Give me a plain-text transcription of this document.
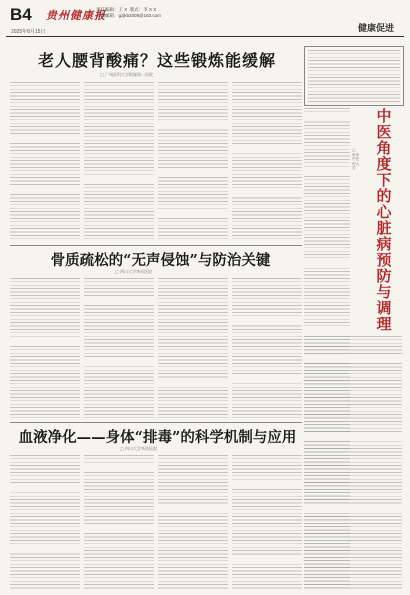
B4
2025年8月15日
贵州健康报
责任编辑：王 X  版式：李 X X
美编邮箱：gzjkb2008@163.com
健康促进
老人腰背酸痛？这些锻炼能缓解
□ 广州医科大学附属第一医院
骨质疏松的“无声侵蚀”与防治关键
□ 四川大学华西医院
血液净化——身体“排毒”的科学机制与应用
□ 四川大学华西医院
中
医
角
度
下
的
心
脏
病
预
防
与
调
理
□ 贵州中医药大学
